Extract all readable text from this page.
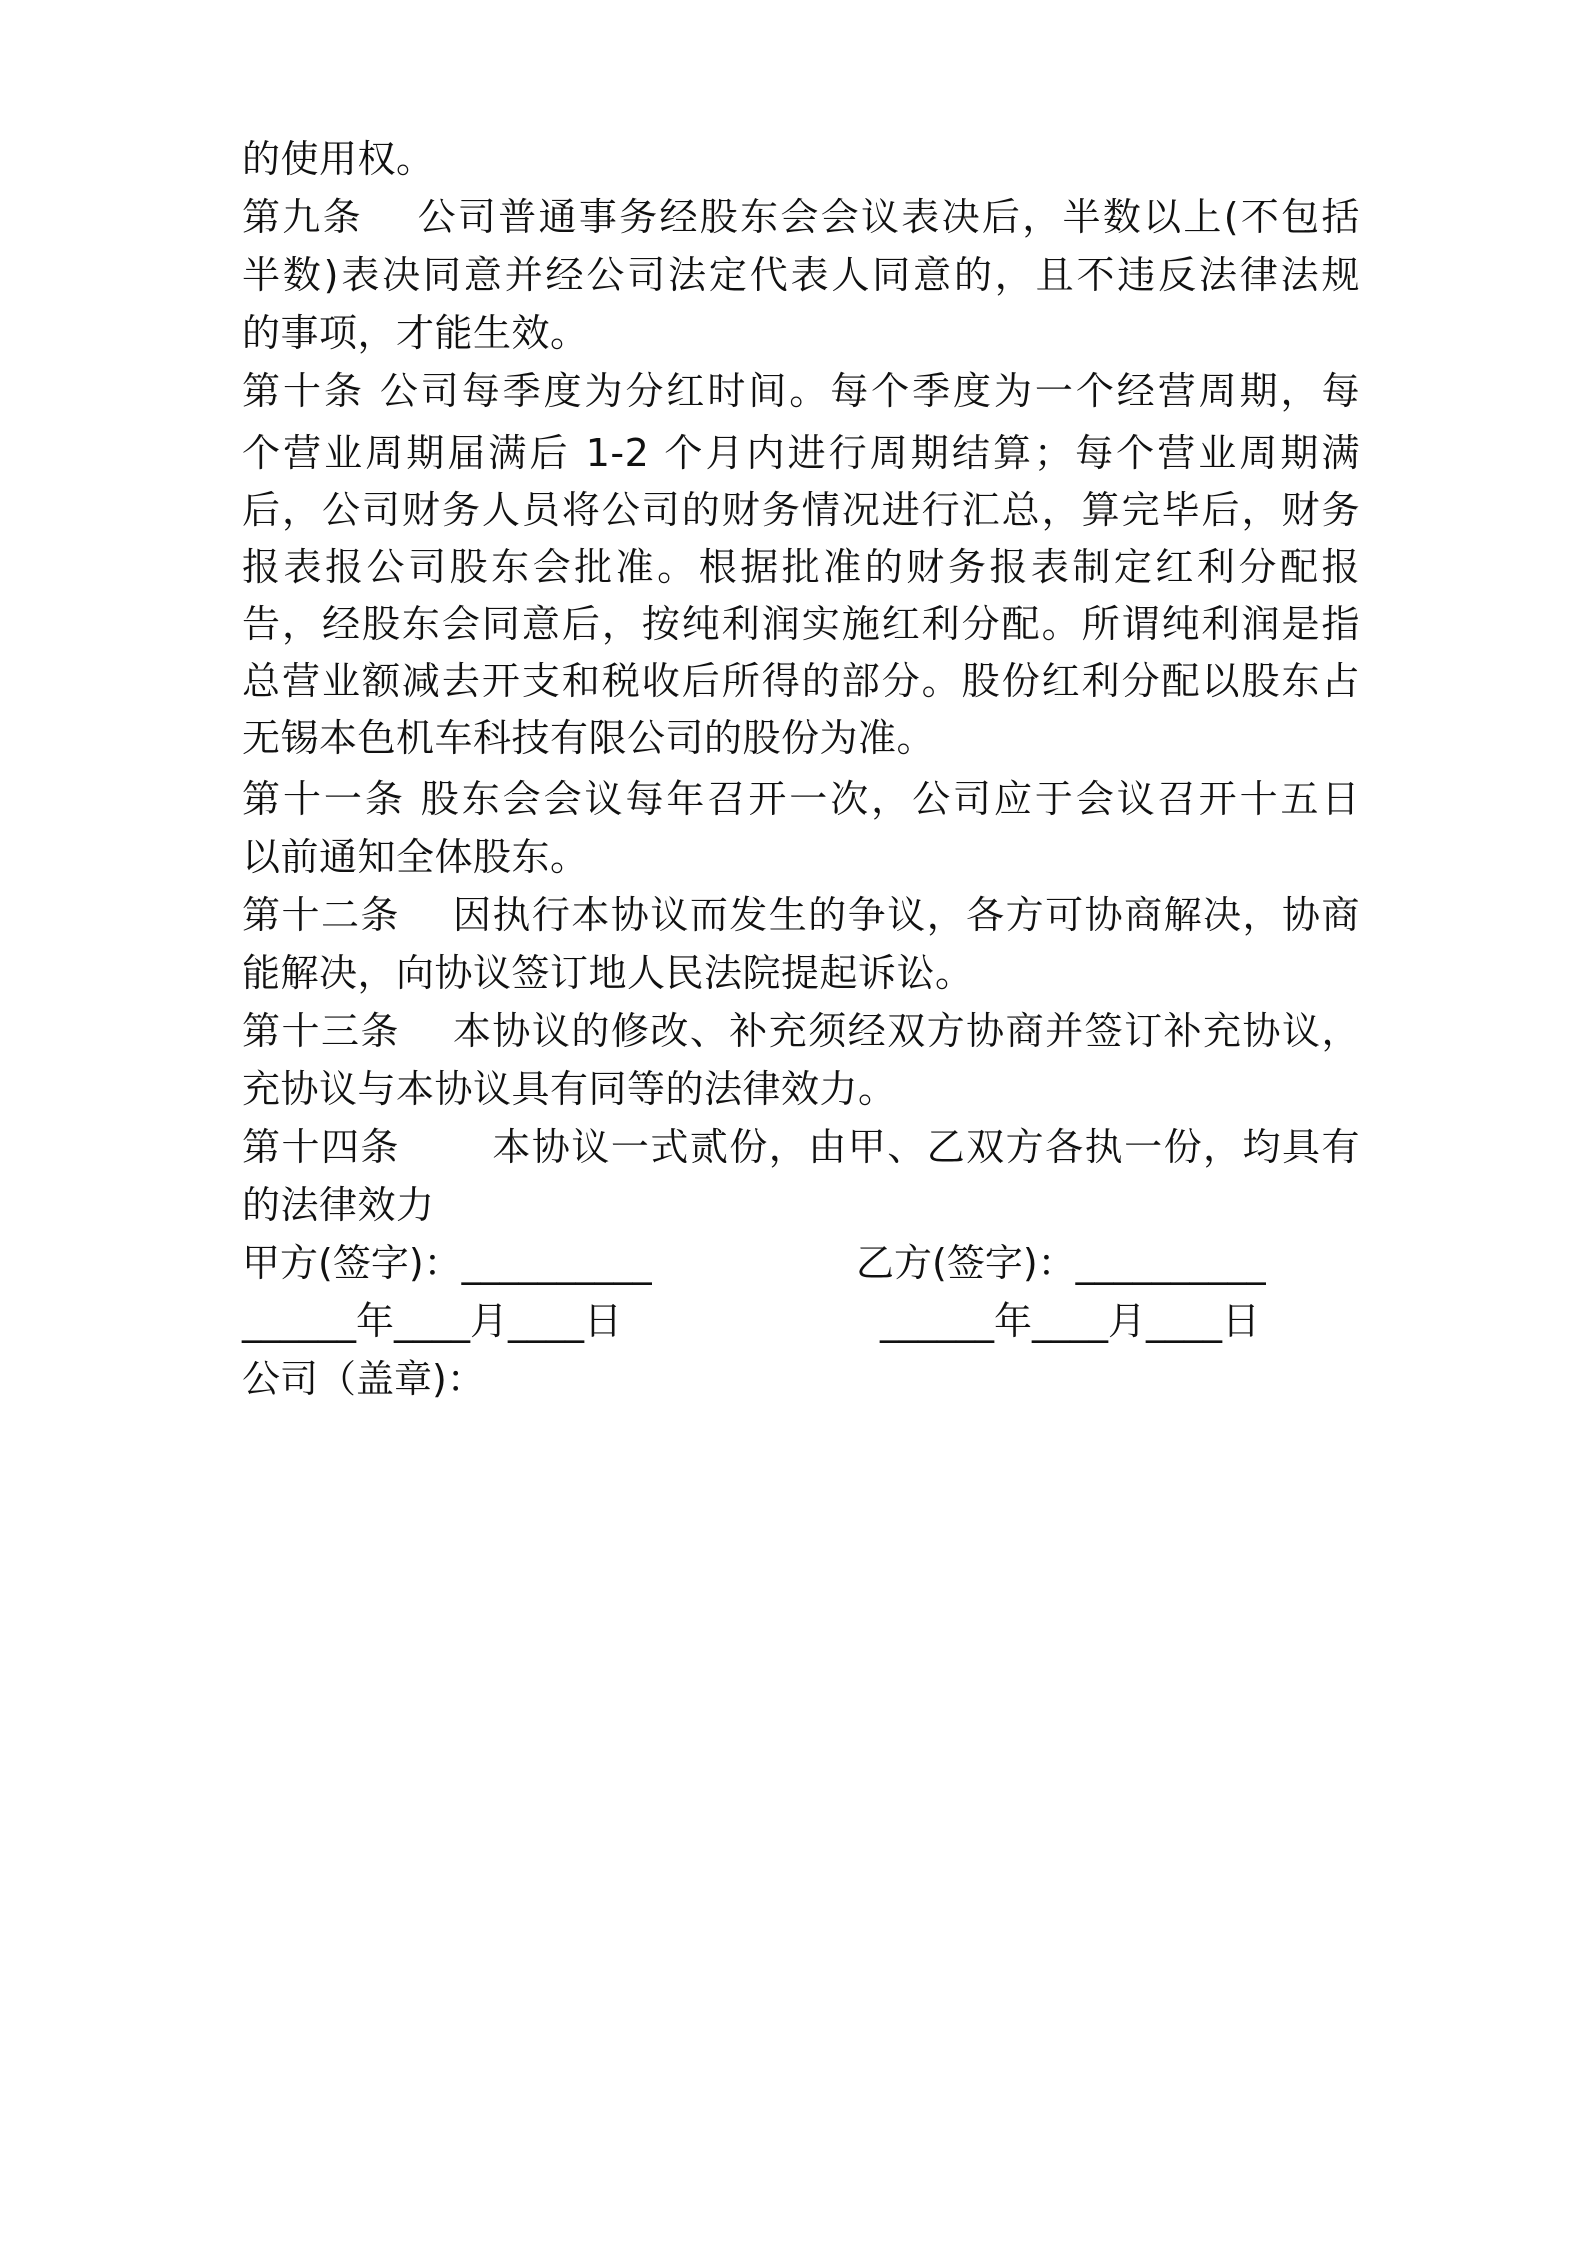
的使用权。
第九条　 公司普通事务经股东会会议表决后，半数以上(不包括
半数)表决同意并经公司法定代表人同意的，且不违反法律法规
的事项，才能生效。
第十条 公司每季度为分红时间。每个季度为一个经营周期，每
个营业周期届满后 1-2 个月内进行周期结算；每个营业周期满
后，公司财务人员将公司的财务情况进行汇总，算完毕后，财务
报表报公司股东会批准。根据批准的财务报表制定红利分配报
告，经股东会同意后，按纯利润实施红利分配。所谓纯利润是指
总营业额减去开支和税收后所得的部分。股份红利分配以股东占
无锡本色机车科技有限公司的股份为准。
第十一条 股东会会议每年召开一次，公司应于会议召开十五日
以前通知全体股东。
第十二条　 因执行本协议而发生的争议，各方可协商解决，协商
能解决，向协议签订地人民法院提起诉讼。
第十三条　 本协议的修改、补充须经双方协商并签订补充协议，
充协议与本协议具有同等的法律效力。
第十四条　　 本协议一式贰份，由甲、乙双方各执一份，均具有
的法律效力
甲方(签字)：__________	乙方(签字)：__________
______年____月____日	______年____月____日
公司（盖章)：
